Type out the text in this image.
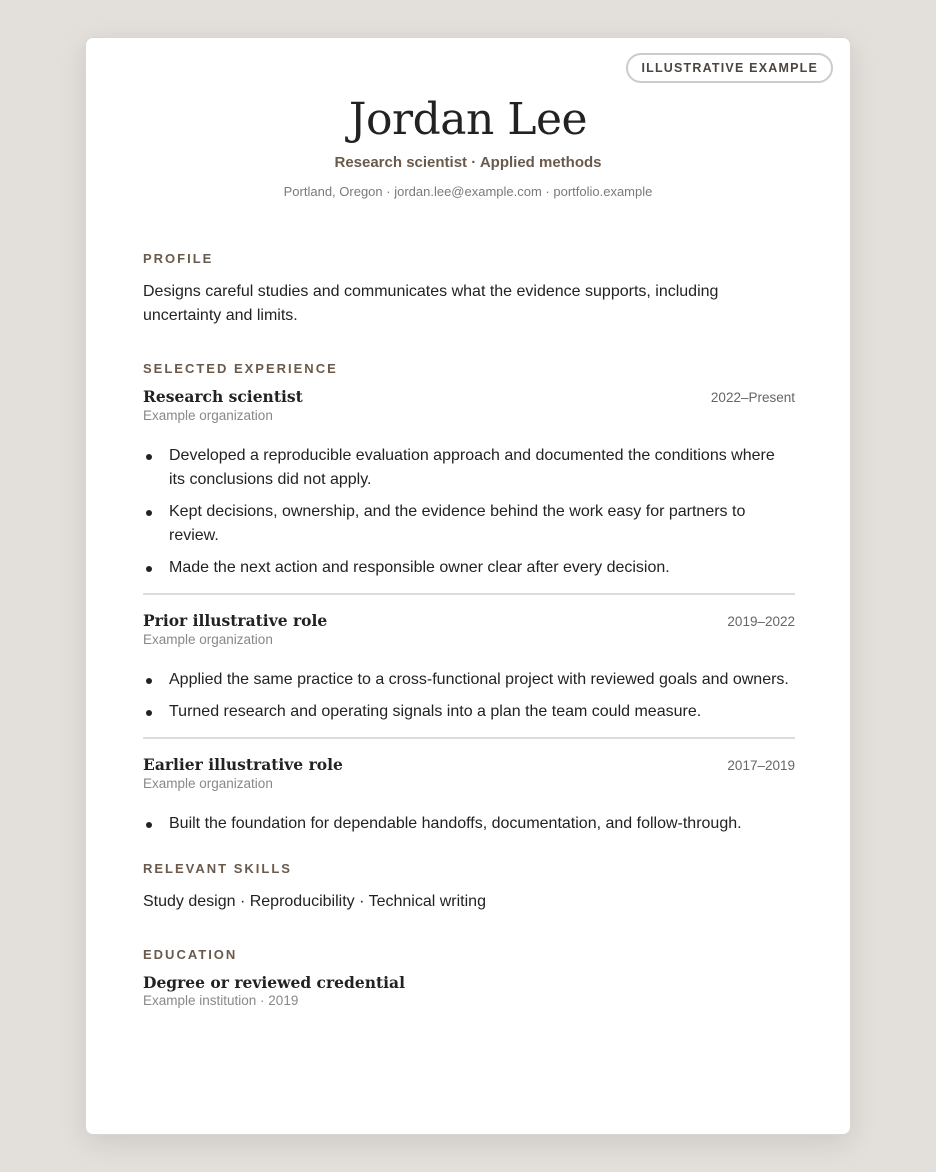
ILLUSTRATIVE EXAMPLE
Jordan Lee
Research scientist · Applied methods
Portland, Oregon · jordan.lee@example.com · portfolio.example
PROFILE

Designs careful studies and communicates what the evidence supports, including uncertainty and limits.

SELECTED EXPERIENCE
Research scientist	2022–Present
Example organization
Developed a reproducible evaluation approach and documented the conditions where its conclusions did not apply.
Kept decisions, ownership, and the evidence behind the work easy for partners to review.
Made the next action and responsible owner clear after every decision.
Prior illustrative role	2019–2022
Example organization
Applied the same practice to a cross-functional project with reviewed goals and owners.
Turned research and operating signals into a plan the team could measure.
Earlier illustrative role	2017–2019
Example organization
Built the foundation for dependable handoffs, documentation, and follow-through.
RELEVANT SKILLS
Study design · Reproducibility · Technical writing
EDUCATION
Degree or reviewed credential
Example institution · 2019
